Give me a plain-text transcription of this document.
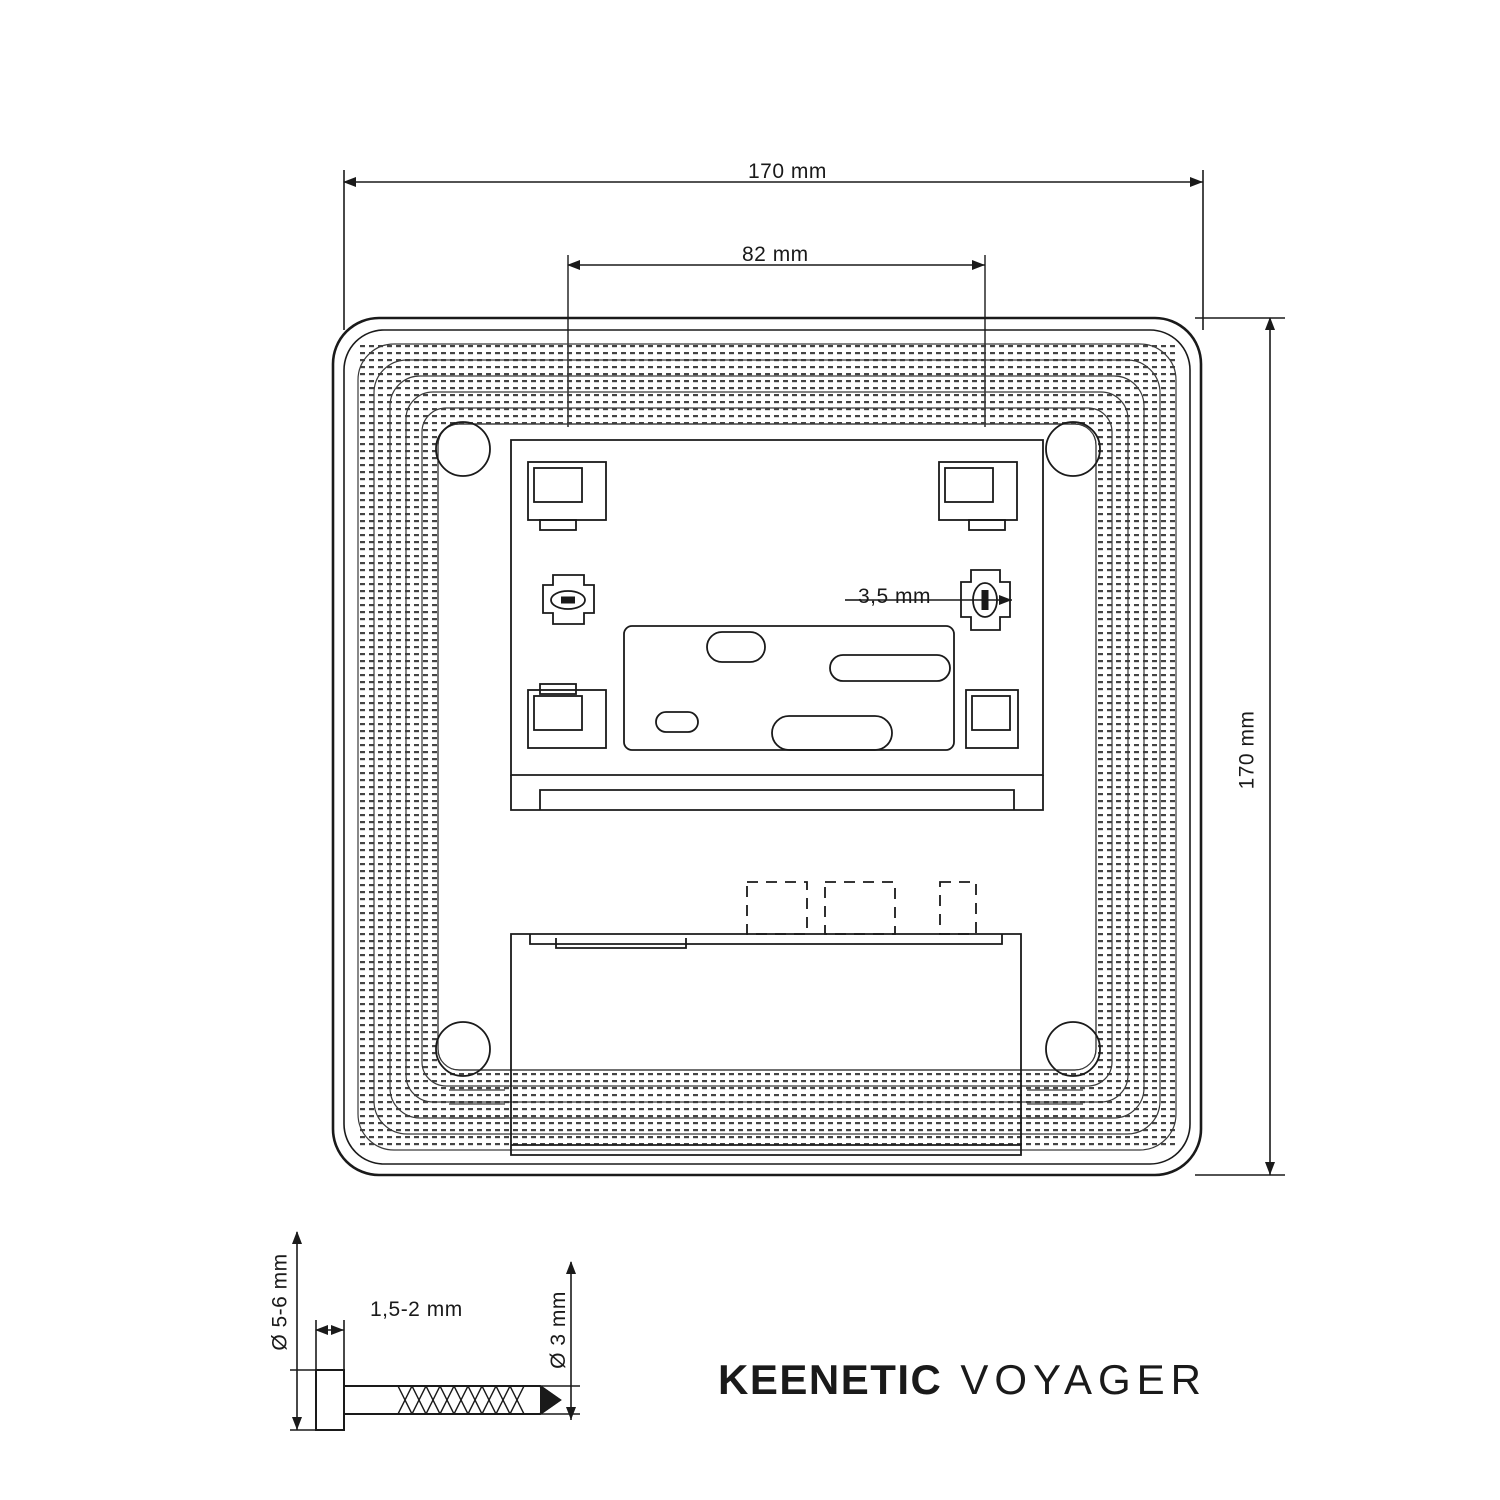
170 mm
82 mm
170 mm
3,5 mm
Ø 5-6 mm	1,5-2 mm	Ø 3 mm
KEENETIC VOYAGER
